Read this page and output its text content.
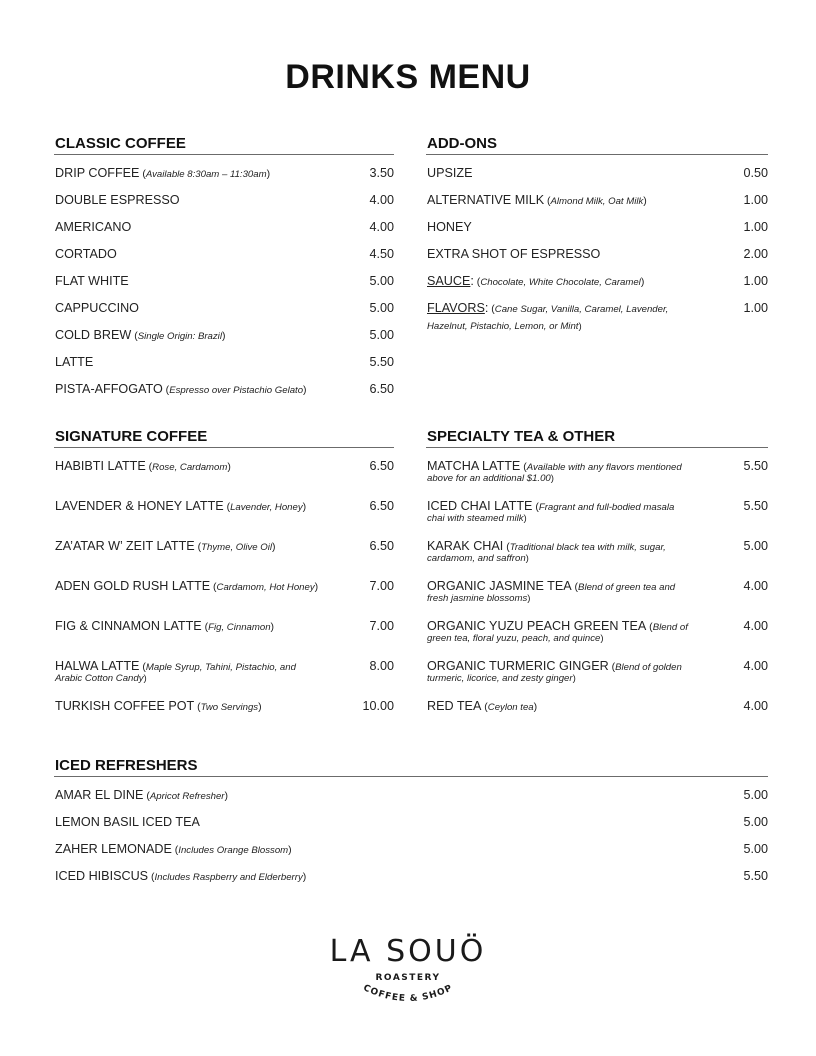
DRINKS MENU
CLASSIC COFFEE
DRIP COFFEE (Available 8:30am – 11:30am)	3.50
DOUBLE ESPRESSO	4.00
AMERICANO	4.00
CORTADO	4.50
FLAT WHITE	5.00
CAPPUCCINO	5.00
COLD BREW (Single Origin: Brazil)	5.00
LATTE	5.50
PISTA-AFFOGATO (Espresso over Pistachio Gelato)	6.50
ADD-ONS
UPSIZE	0.50
ALTERNATIVE MILK (Almond Milk, Oat Milk)	1.00
HONEY	1.00
EXTRA SHOT OF ESPRESSO	2.00
SAUCE: (Chocolate, White Chocolate, Caramel)	1.00
FLAVORS: (Cane Sugar, Vanilla, Caramel, Lavender,
Hazelnut, Pistachio, Lemon, or Mint)
1.00
SIGNATURE COFFEE
HABIBTI LATTE (Rose, Cardamom)	6.50
LAVENDER & HONEY LATTE (Lavender, Honey)	6.50
ZA’ATAR W’ ZEIT LATTE (Thyme, Olive Oil)	6.50
ADEN GOLD RUSH LATTE (Cardamom, Hot Honey)	7.00
FIG & CINNAMON LATTE (Fig, Cinnamon)	7.00
HALWA LATTE (Maple Syrup, Tahini, Pistachio, and
Arabic Cotton Candy)
8.00
TURKISH COFFEE POT (Two Servings)	10.00
SPECIALTY TEA & OTHER
MATCHA LATTE (Available with any flavors mentioned
above for an additional $1.00)
5.50
ICED CHAI LATTE (Fragrant and full-bodied masala
chai with steamed milk)
5.50
KARAK CHAI (Traditional black tea with milk, sugar,
cardamom, and saffron)
5.00
ORGANIC JASMINE TEA (Blend of green tea and
fresh jasmine blossoms)
4.00
ORGANIC YUZU PEACH GREEN TEA (Blend of
green tea, floral yuzu, peach, and quince)
4.00
ORGANIC TURMERIC GINGER (Blend of golden
turmeric, licorice, and zesty ginger)
4.00
RED TEA (Ceylon tea)	4.00
ICED REFRESHERS
AMAR EL DINE (Apricot Refresher)	5.00
LEMON BASIL ICED TEA	5.00
ZAHER LEMONADE (Includes Orange Blossom)	5.00
ICED HIBISCUS (Includes Raspberry and Elderberry)	5.50
LA SOUÖ
ROASTERY
COFFEE & SHOP
